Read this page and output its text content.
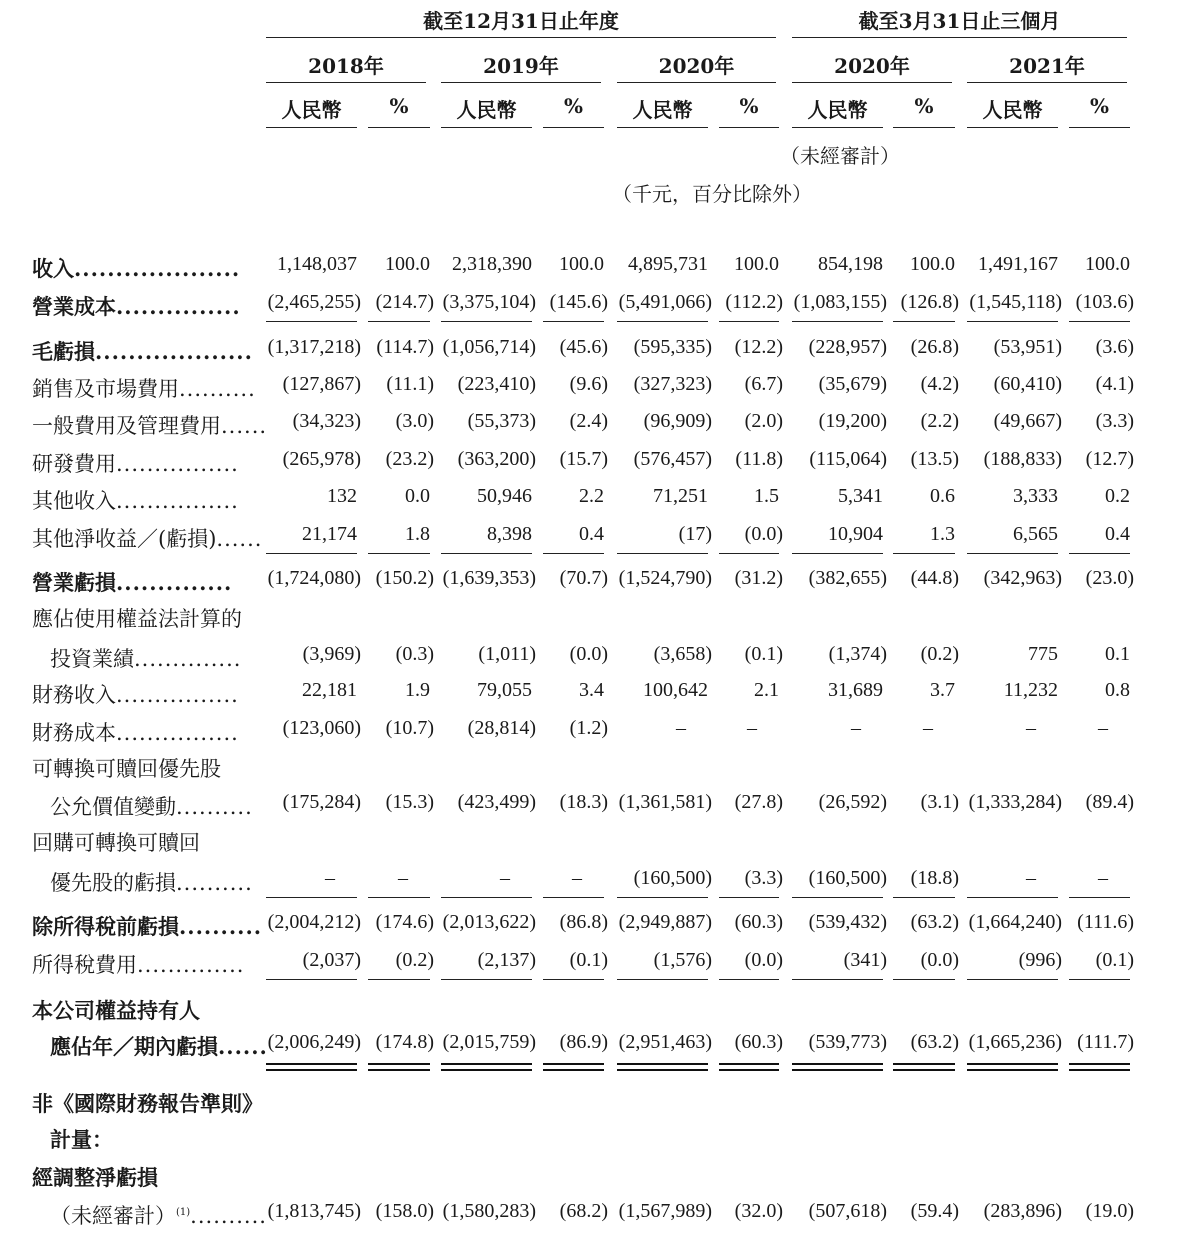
截至12月31日止年度	截至3月31日止三個月
2018年	2019年	2020年	2020年	2021年
人民幣	%	人民幣	%	人民幣	%	人民幣	%	人民幣	%
（未經審計）
（千元，百分比除外）
收入....................	1,148,037	100.0	2,318,390	100.0	4,895,731	100.0	854,198	100.0	1,491,167	100.0
營業成本...............	(2,465,255) (214.7) (3,375,104) (145.6) (5,491,066) (112.2) (1,083,155) (126.8) (1,545,118) (103.6)
毛虧損................... (1,317,218) (114.7) (1,056,714)	(45.6)	(595,335)	(12.2)	(228,957)	(26.8)	(53,951)	(3.6)
銷售及市場費用..........	(127,867)	(11.1)	(223,410)	(9.6)	(327,323)	(6.7)	(35,679)	(4.2)	(60,410)	(4.1)
一般費用及管理費用......	(34,323)	(3.0)	(55,373)	(2.4)	(96,909)	(2.0)	(19,200)	(2.2)	(49,667)	(3.3)
研發費用................	(265,978)	(23.2)	(363,200)	(15.7)	(576,457)	(11.8)	(115,064)	(13.5)	(188,833)	(12.7)
其他收入................	132	0.0	50,946	2.2	71,251	1.5	5,341	0.6	3,333	0.2
其他淨收益／(虧損)......	21,174	1.8	8,398	0.4	(17)	(0.0)	10,904	1.3	6,565	0.4
營業虧損..............	(1,724,080) (150.2) (1,639,353)	(70.7) (1,524,790)	(31.2)	(382,655)	(44.8)	(342,963)	(23.0)
應佔使用權益法計算的
投資業績..............	(3,969)	(0.3)	(1,011)	(0.0)	(3,658)	(0.1)	(1,374)	(0.2)	775	0.1
財務收入................	22,181	1.9	79,055	3.4	100,642	2.1	31,689	3.7	11,232	0.8
財務成本................	(123,060)	(10.7)	(28,814)	(1.2)	–	–	–	–	–	–
可轉換可贖回優先股
公允價值變動..........	(175,284)	(15.3)	(423,499)	(18.3) (1,361,581)	(27.8)	(26,592)	(3.1) (1,333,284)	(89.4)
回購可轉換可贖回
優先股的虧損..........	–	–	–	–	(160,500)	(3.3)	(160,500)	(18.8)	–	–
除所得稅前虧損.......... (2,004,212) (174.6) (2,013,622)	(86.8) (2,949,887)	(60.3)	(539,432)	(63.2) (1,664,240) (111.6)
所得稅費用..............	(2,037)	(0.2)	(2,137)	(0.1)	(1,576)	(0.0)	(341)	(0.0)	(996)	(0.1)
本公司權益持有人
應佔年／期內虧損...... (2,006,249) (174.8) (2,015,759)	(86.9) (2,951,463)	(60.3)	(539,773)	(63.2) (1,665,236) (111.7)
非《國際財務報告準則》
計量：
經調整淨虧損
（未經審計）$^{(1)}$.......... (1,813,745) (158.0) (1,580,283)	(68.2) (1,567,989)	(32.0)	(507,618)	(59.4)	(283,896)	(19.0)
